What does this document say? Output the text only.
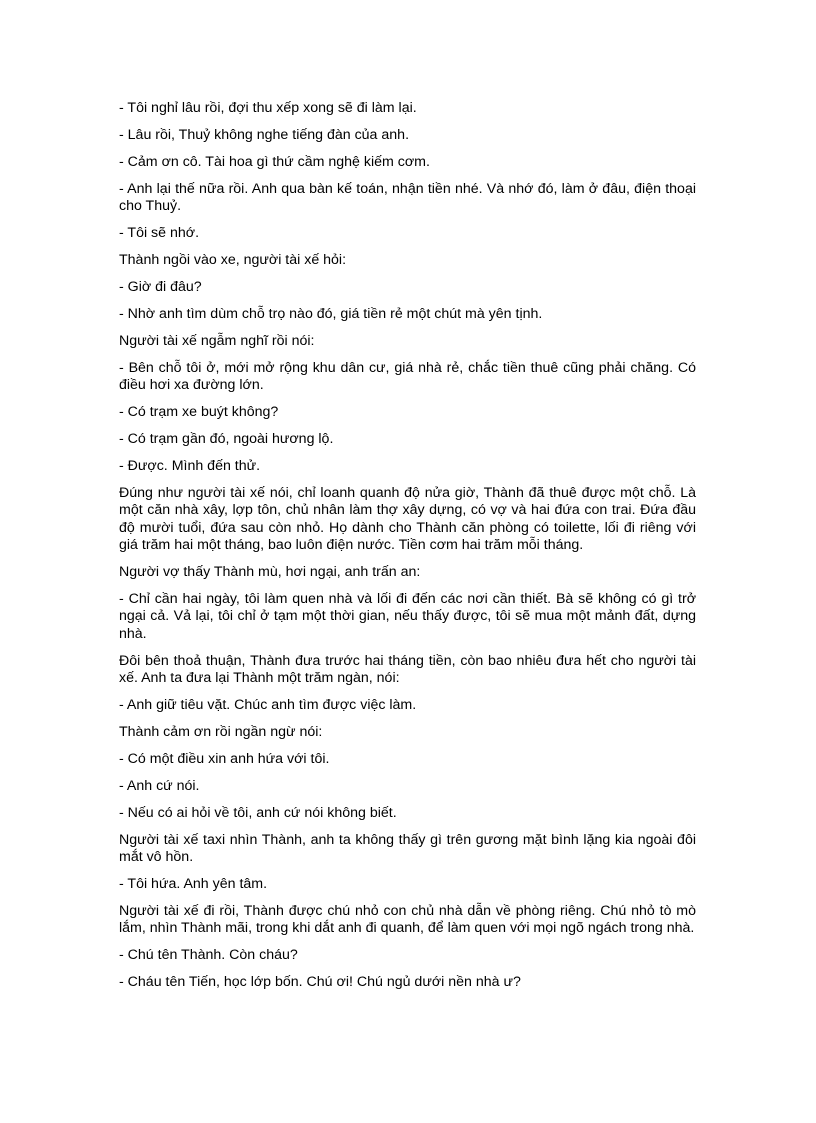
- Tôi nghỉ lâu rồi, đợi thu xếp xong sẽ đi làm lại.

- Lâu rồi, Thuỷ không nghe tiếng đàn của anh.

- Cảm ơn cô. Tài hoa gì thứ cầm nghệ kiếm cơm.

- Anh lại thế nữa rồi. Anh qua bàn kế toán, nhận tiền nhé. Và nhớ đó, làm ở đâu, điện thoại cho Thuỷ.

- Tôi sẽ nhớ.

Thành ngồi vào xe, người tài xế hỏi:

- Giờ đi đâu?

- Nhờ anh tìm dùm chỗ trọ nào đó, giá tiền rẻ một chút mà yên tịnh.

Người tài xế ngẫm nghĩ rồi nói:

- Bên chỗ tôi ở, mới mở rộng khu dân cư, giá nhà rẻ, chắc tiền thuê cũng phải chăng. Có điều hơi xa đường lớn.

- Có trạm xe buýt không?

- Có trạm gần đó, ngoài hương lộ.

- Được. Mình đến thử.

Đúng như người tài xế nói, chỉ loanh quanh độ nửa giờ, Thành đã thuê được một chỗ. Là một căn nhà xây, lợp tôn, chủ nhân làm thợ xây dựng, có vợ và hai đứa con trai. Đứa đầu độ mười tuổi, đứa sau còn nhỏ. Họ dành cho Thành căn phòng có toilette, lối đi riêng với giá trăm hai một tháng, bao luôn điện nước. Tiền cơm hai trăm mỗi tháng.

Người vợ thấy Thành mù, hơi ngại, anh trấn an:

- Chỉ cần hai ngày, tôi làm quen nhà và lối đi đến các nơi cần thiết. Bà sẽ không có gì trở ngại cả. Vả lại, tôi chỉ ở tạm một thời gian, nếu thấy được, tôi sẽ mua một mảnh đất, dựng nhà.

Đôi bên thoả thuận, Thành đưa trước hai tháng tiền, còn bao nhiêu đưa hết cho người tài xế. Anh ta đưa lại Thành một trăm ngàn, nói:

- Anh giữ tiêu vặt. Chúc anh tìm được việc làm.

Thành cảm ơn rồi ngần ngừ nói:

- Có một điều xin anh hứa với tôi.

- Anh cứ nói.

- Nếu có ai hỏi về tôi, anh cứ nói không biết.

Người tài xế taxi nhìn Thành, anh ta không thấy gì trên gương mặt bình lặng kia ngoài đôi mắt vô hồn.

- Tôi hứa. Anh yên tâm.

Người tài xế đi rồi, Thành được chú nhỏ con chủ nhà dẫn về phòng riêng. Chú nhỏ tò mò lắm, nhìn Thành mãi, trong khi dắt anh đi quanh, để làm quen với mọi ngõ ngách trong nhà.

- Chú tên Thành. Còn cháu?

- Cháu tên Tiến, học lớp bốn. Chú ơi! Chú ngủ dưới nền nhà ư?
